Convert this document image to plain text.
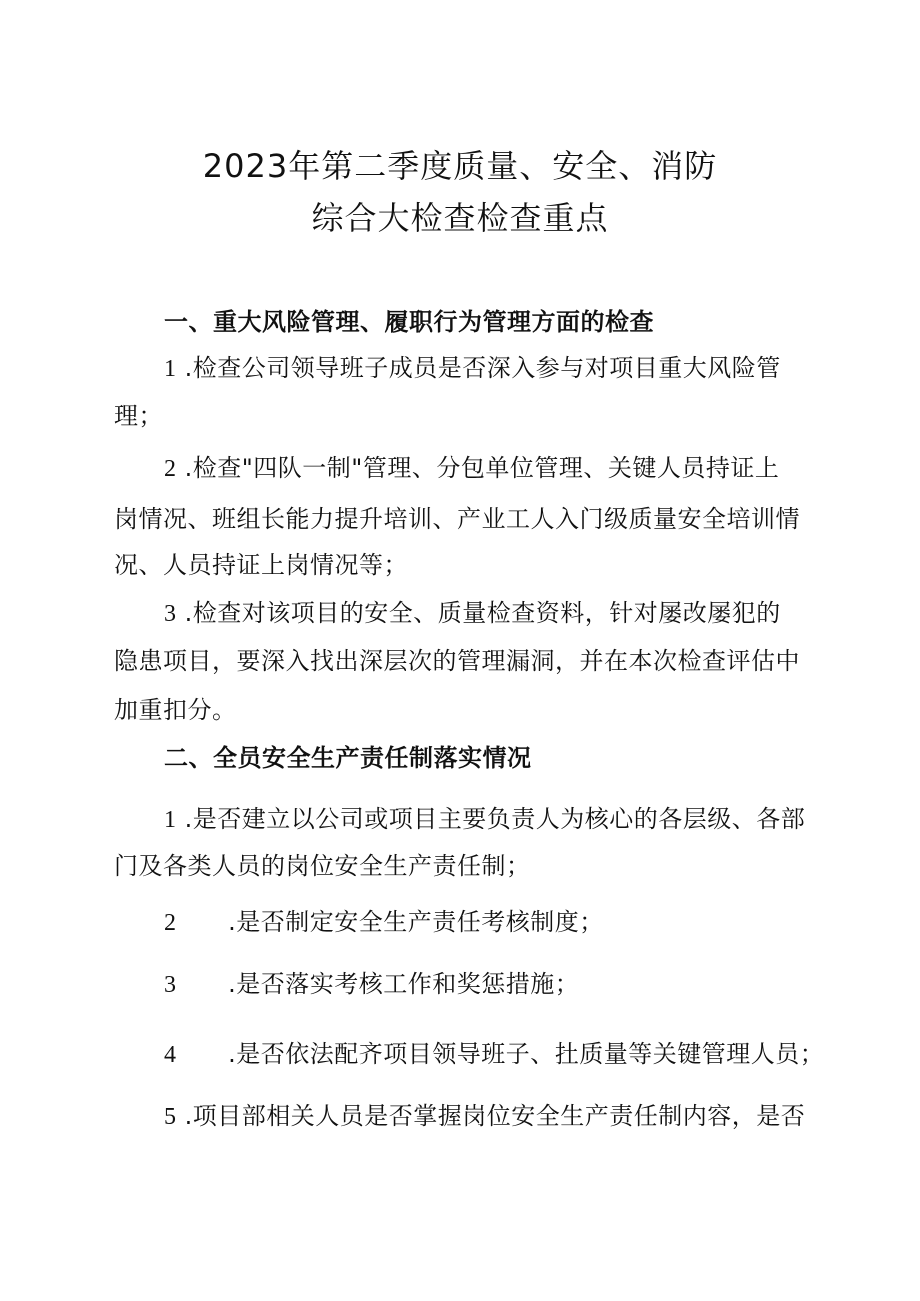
2023年第二季度质量、安全、消防
综合大检查检查重点
一、重大风险管理、履职行为管理方面的检查
1 .检查公司领导班子成员是否深入参与对项目重大风险管
理；
2 .检查"四队一制"管理、分包单位管理、关键人员持证上
岗情况、班组长能力提升培训、产业工人入门级质量安全培训情
况、人员持证上岗情况等；
3 .检查对该项目的安全、质量检查资料，针对屡改屡犯的
隐患项目，要深入找出深层次的管理漏洞，并在本次检查评估中
加重扣分。
二、全员安全生产责任制落实情况
1 .是否建立以公司或项目主要负责人为核心的各层级、各部
门及各类人员的岗位安全生产责任制；
2 .是否制定安全生产责任考核制度；
3 .是否落实考核工作和奖惩措施；
4 .是否依法配齐项目领导班子、扗质量等关键管理人员；
5 .项目部相关人员是否掌握岗位安全生产责任制内容，是否
